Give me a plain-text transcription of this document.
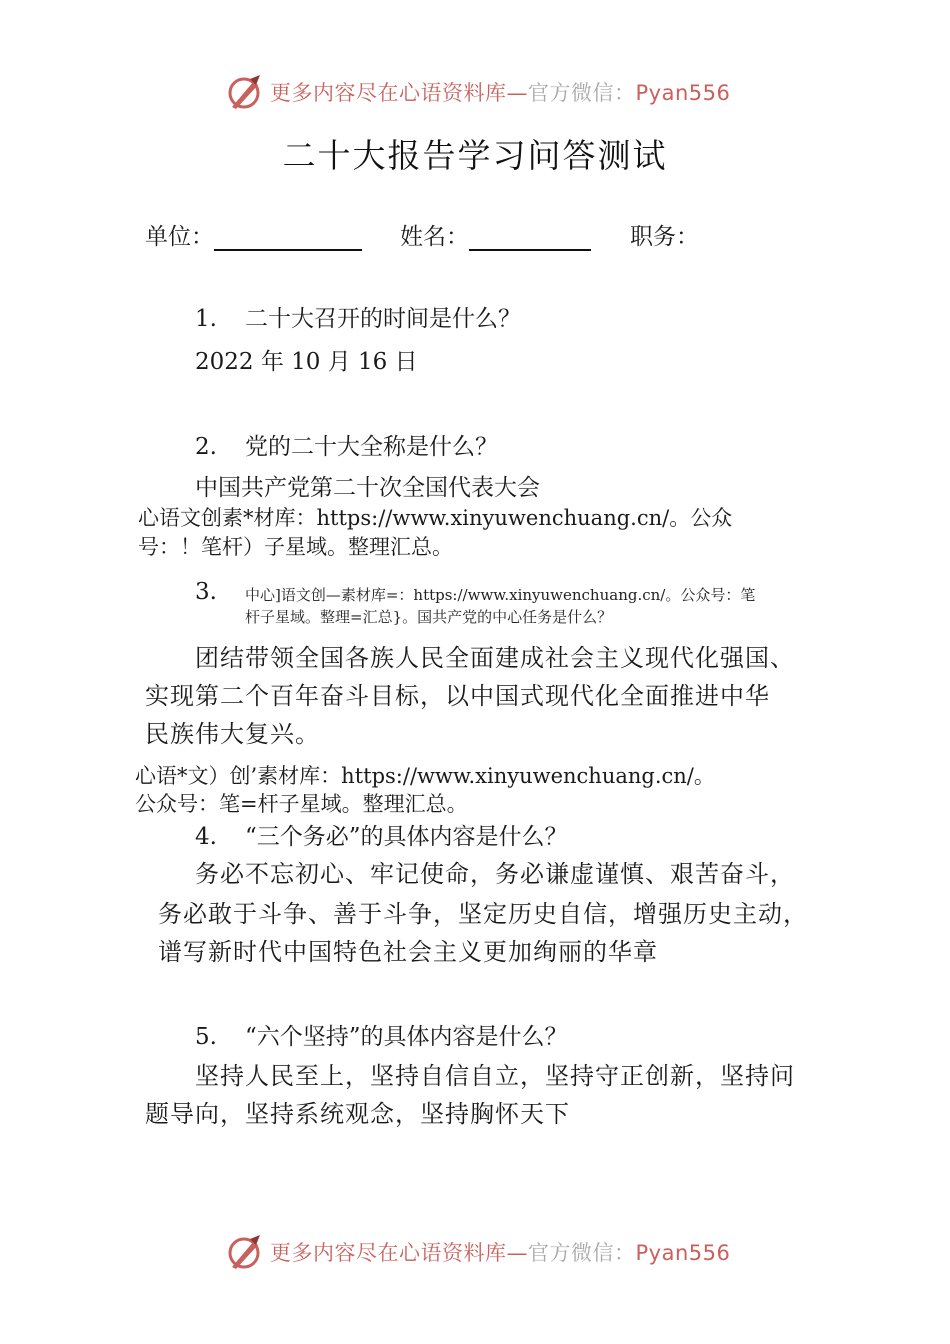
更多内容尽在心语资料库—官方微信：Pyan556
二十大报告学习问答测试
单位：	姓名：	职务：
1. 二十大召开的时间是什么？
2022 年 10 月 16 日
2. 党的二十大全称是什么？
中国共产党第二十次全国代表大会
心语文创素*材库：https://www.xinyuwenchuang.cn/。公众
号：！笔杆）子星域。整理汇总。
3. 中心]语文创—素材库=：https://www.xinyuwenchuang.cn/。公众号：笔
杆子星域。整理=汇总}。国共产党的中心任务是什么？
团结带领全国各族人民全面建成社会主义现代化强国、
实现第二个百年奋斗目标，以中国式现代化全面推进中华
民族伟大复兴。
心语*文）创’素材库：https://www.xinyuwenchuang.cn/。
公众号：笔=杆子星域。整理汇总。
4. “三个务必”的具体内容是什么？
务必不忘初心、牢记使命，务必谦虚谨慎、艰苦奋斗，
务必敢于斗争、善于斗争，坚定历史自信，增强历史主动，
谱写新时代中国特色社会主义更加绚丽的华章
5. “六个坚持”的具体内容是什么？
坚持人民至上，坚持自信自立，坚持守正创新，坚持问
题导向，坚持系统观念，坚持胸怀天下
更多内容尽在心语资料库—官方微信：Pyan556
